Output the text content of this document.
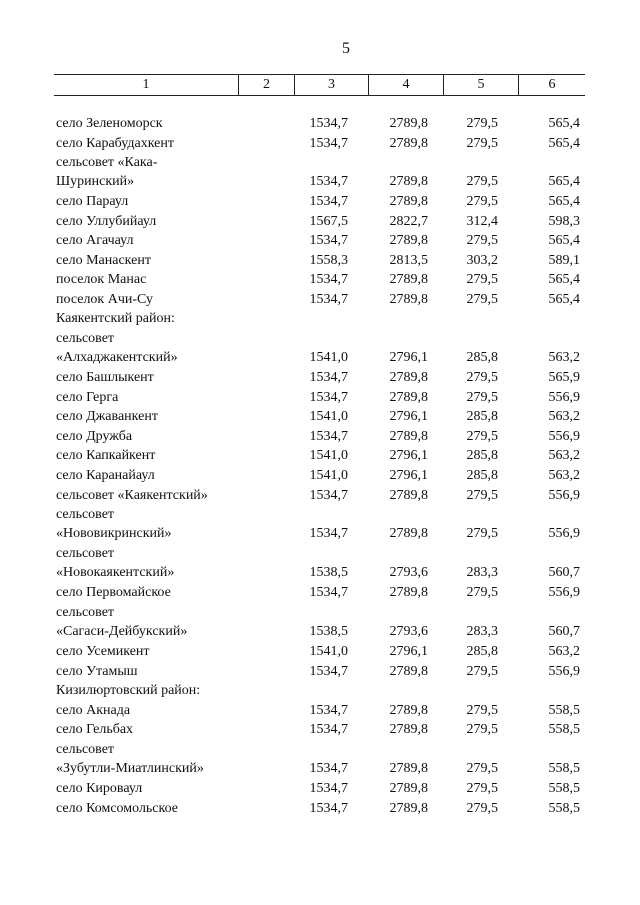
5
1	2	3	4	5	6
село Зеленоморск	1534,7	2789,8	279,5	565,4
село Карабудахкент	1534,7	2789,8	279,5	565,4
сельсовет «Кака-
Шуринский»	1534,7	2789,8	279,5	565,4
село Параул	1534,7	2789,8	279,5	565,4
село Уллубийаул	1567,5	2822,7	312,4	598,3
село Агачаул	1534,7	2789,8	279,5	565,4
село Манаскент	1558,3	2813,5	303,2	589,1
поселок Манас	1534,7	2789,8	279,5	565,4
поселок Ачи-Су	1534,7	2789,8	279,5	565,4
Каякентский район:
сельсовет
«Алхаджакентский»	1541,0	2796,1	285,8	563,2
село Башлыкент	1534,7	2789,8	279,5	565,9
село Герга	1534,7	2789,8	279,5	556,9
село Джаванкент	1541,0	2796,1	285,8	563,2
село Дружба	1534,7	2789,8	279,5	556,9
село Капкайкент	1541,0	2796,1	285,8	563,2
село Каранайаул	1541,0	2796,1	285,8	563,2
сельсовет «Каякентский»	1534,7	2789,8	279,5	556,9
сельсовет
«Нововикринский»	1534,7	2789,8	279,5	556,9
сельсовет
«Новокаякентский»	1538,5	2793,6	283,3	560,7
село Первомайское	1534,7	2789,8	279,5	556,9
сельсовет
«Сагаси-Дейбукский»	1538,5	2793,6	283,3	560,7
село Усемикент	1541,0	2796,1	285,8	563,2
село Утамыш	1534,7	2789,8	279,5	556,9
Кизилюртовский район:
село Акнада	1534,7	2789,8	279,5	558,5
село Гельбах	1534,7	2789,8	279,5	558,5
сельсовет
«Зубутли-Миатлинский»	1534,7	2789,8	279,5	558,5
село Кироваул	1534,7	2789,8	279,5	558,5
село Комсомольское	1534,7	2789,8	279,5	558,5
